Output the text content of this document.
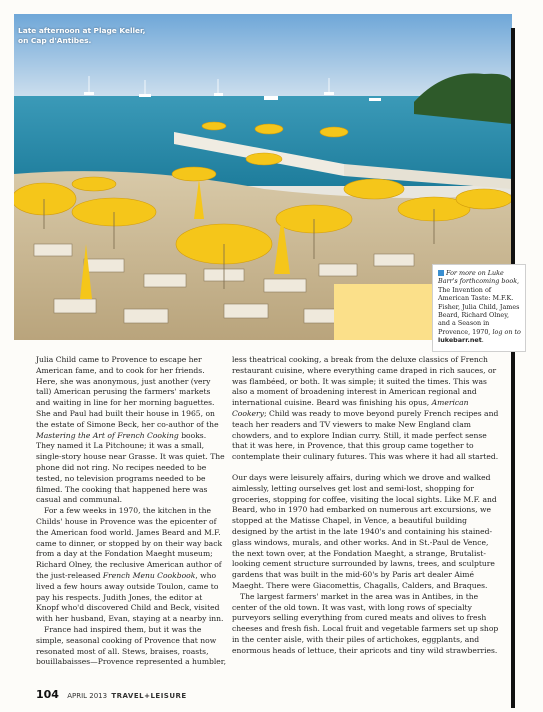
Late afternoon at Plage Keller, on Cap d'Antibes.
For more on Luke Barr's forthcoming book, The Invention of American Taste: M.F.K. Fisher, Julia Child, James Beard, Richard Olney, and a Season in Provence, 1970, log on to lukebarr.net.

Julia Child came to Provence to escape her American fame, and to cook for her friends. Here, she was anonymous, just another (very tall) American perusing the farmers' markets and waiting in line for her morning baguettes. She and Paul had built their house in 1965, on the estate of Simone Beck, her co-author of the Mastering the Art of French Cooking books. They named it La Pitchoune; it was a small, single-story house near Grasse. It was quiet. The phone did not ring. No recipes needed to be tested, no television programs needed to be filmed. The cooking that happened here was casual and communal.

For a few weeks in 1970, the kitchen in the Childs' house in Provence was the epicenter of the American food world. James Beard and M.F. came to dinner, or stopped by on their way back from a day at the Fondation Maeght museum; Richard Olney, the reclusive American author of the just-released French Menu Cookbook, who lived a few hours away outside Toulon, came to pay his respects. Judith Jones, the editor at Knopf who'd discovered Child and Beck, visited with her husband, Evan, staying at a nearby inn.

France had inspired them, but it was the simple, seasonal cooking of Provence that now resonated most of all. Stews, braises, roasts, bouillabaisses—Provence represented a humbler,

less theatrical cooking, a break from the deluxe classics of French restaurant cuisine, where everything came draped in rich sauces, or was flambéed, or both. It was simple; it suited the times. This was also a moment of broadening interest in American regional and international cuisine. Beard was finishing his opus, American Cookery; Child was ready to move beyond purely French recipes and teach her readers and TV viewers to make New England clam chowders, and to explore Indian curry. Still, it made perfect sense that it was here, in Provence, that this group came together to contemplate their culinary futures. This was where it had all started.

Our days were leisurely affairs, during which we drove and walked aimlessly, letting ourselves get lost and semi-lost, shopping for groceries, stopping for coffee, visiting the local sights. Like M.F. and Beard, who in 1970 had embarked on numerous art excursions, we stopped at the Matisse Chapel, in Vence, a beautiful building designed by the artist in the late 1940's and containing his stained-glass windows, murals, and other works. And in St.-Paul de Vence, the next town over, at the Fondation Maeght, a strange, Brutalist-looking cement structure surrounded by lawns, trees, and sculpture gardens that was built in the mid-60's by Paris art dealer Aimé Maeght. There were Giacomettis, Chagalls, Calders, and Braques.

The largest farmers' market in the area was in Antibes, in the center of the old town. It was vast, with long rows of specialty purveyors selling everything from cured meats and olives to fresh cheeses and fresh fish. Local fruit and vegetable farmers set up shop in the center aisle, with their piles of artichokes, eggplants, and enormous heads of lettuce, their apricots and tiny wild strawberries.

104 APRIL 2013 TRAVEL+LEISURE
